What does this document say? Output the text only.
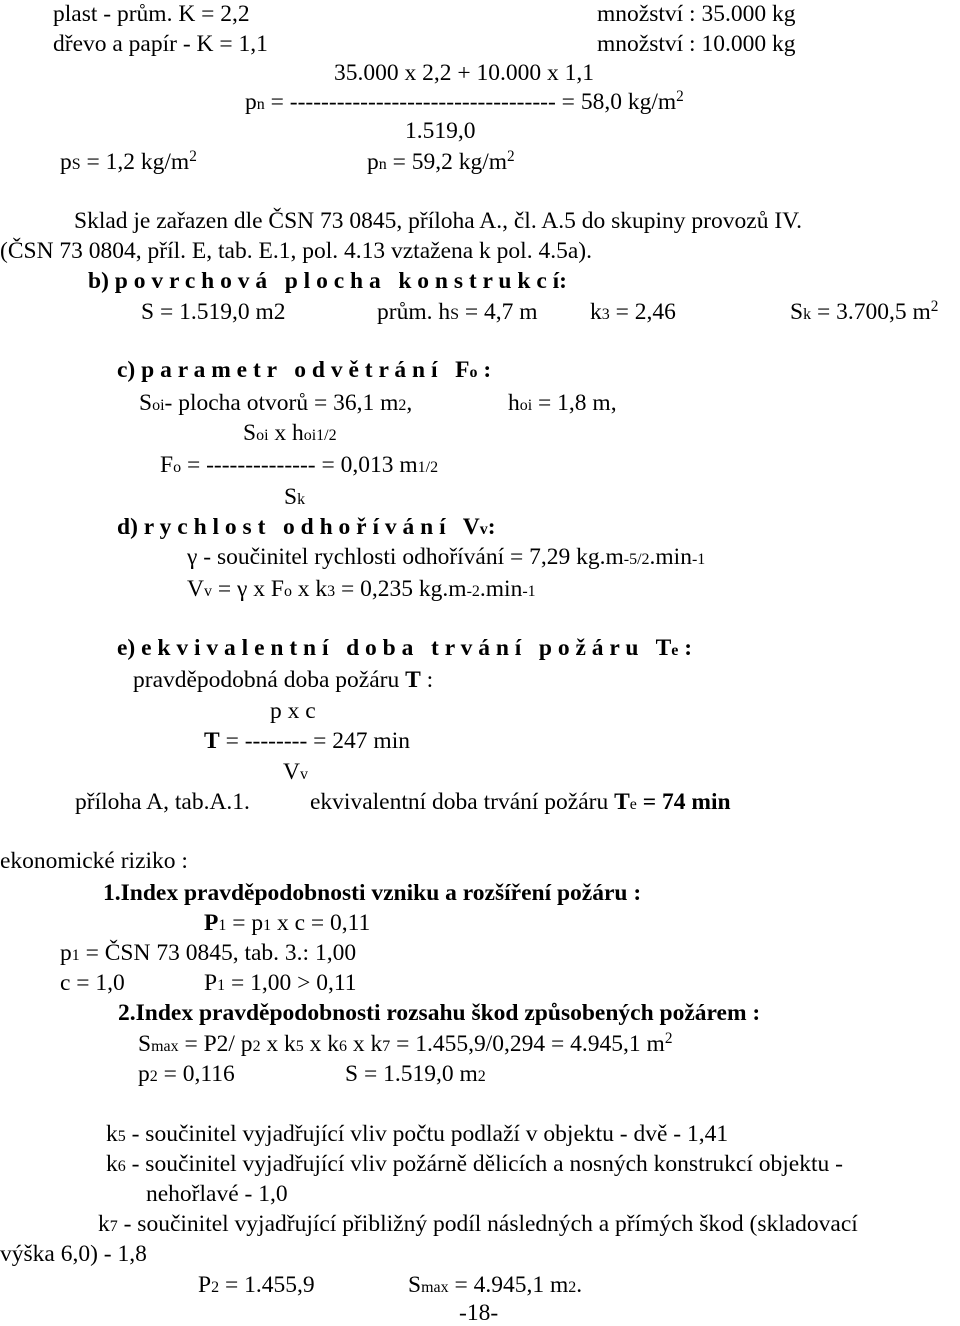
plast - prům. K = 2,2	množství : 35.000 kg
dřevo a papír - K = 1,1	množství : 10.000 kg
35.000 x 2,2 + 10.000 x 1,1
pn = ---------------------------------- = 58,0 $kg/m^2$
1.519,0
pS = 1,2 $kg/m^2$	pn = 59,2 $kg/m^2$
Sklad je zařazen dle ČSN 73 0845, příloha A., čl. A.5 do skupiny provozů IV.
(ČSN 73 0804, příl. E, tab. E.1, pol. 4.13 vztažena k pol. 4.5a).
b) p o v r c h o v á   p l o c h a   k o n s t r u k c í:
S = 1.519,0 m2	prům. hS = 4,7 m k3 = 2,46	Sk = 3.700,5 $m^2$
c) p a r a m e t r   o d v ě t r á n í   Fo :
Soi- plocha otvorů = 36,1 m2,	hoi = 1,8 m,
Soi x hoi1/2
Fo = -------------- = 0,013 m1/2
Sk
d) r y c h l o s t   o d h o ř í v á n í   Vv:
γ - součinitel rychlosti odhořívání = 7,29 kg.m-5/2.min-1
Vv = γ x Fo x k3 = 0,235 kg.m-2.min-1
e) e k v i v a l e n t n í   d o b a   t r v á n í   p o ž á r u   Te :
pravděpodobná doba požáru T :
p x c
T = -------- = 247 min
Vv
příloha A, tab.A.1.	ekvivalentní doba trvání požáru Te = 74 min
ekonomické riziko :
1.Index pravděpodobnosti vzniku a rozšíření požáru :
P1 = p1 x c = 0,11
p1 = ČSN 73 0845, tab. 3.: 1,00
c = 1,0	P1 = 1,00 > 0,11
2.Index pravděpodobnosti rozsahu škod způsobených požárem :
Smax = P2/ p2 x k5 x k6 x k7 = 1.455,9/0,294 = 4.945,1 $m^2$
p2 = 0,116	S = 1.519,0 m2
k5 - součinitel vyjadřující vliv počtu podlaží v objektu - dvě - 1,41
k6 - součinitel vyjadřující vliv požárně dělicích a nosných konstrukcí objektu -
nehořlavé - 1,0
k7 - součinitel vyjadřující přibližný podíl následných a přímých škod (skladovací
výška 6,0) - 1,8
P2 = 1.455,9	Smax = 4.945,1 m2.
-18-
